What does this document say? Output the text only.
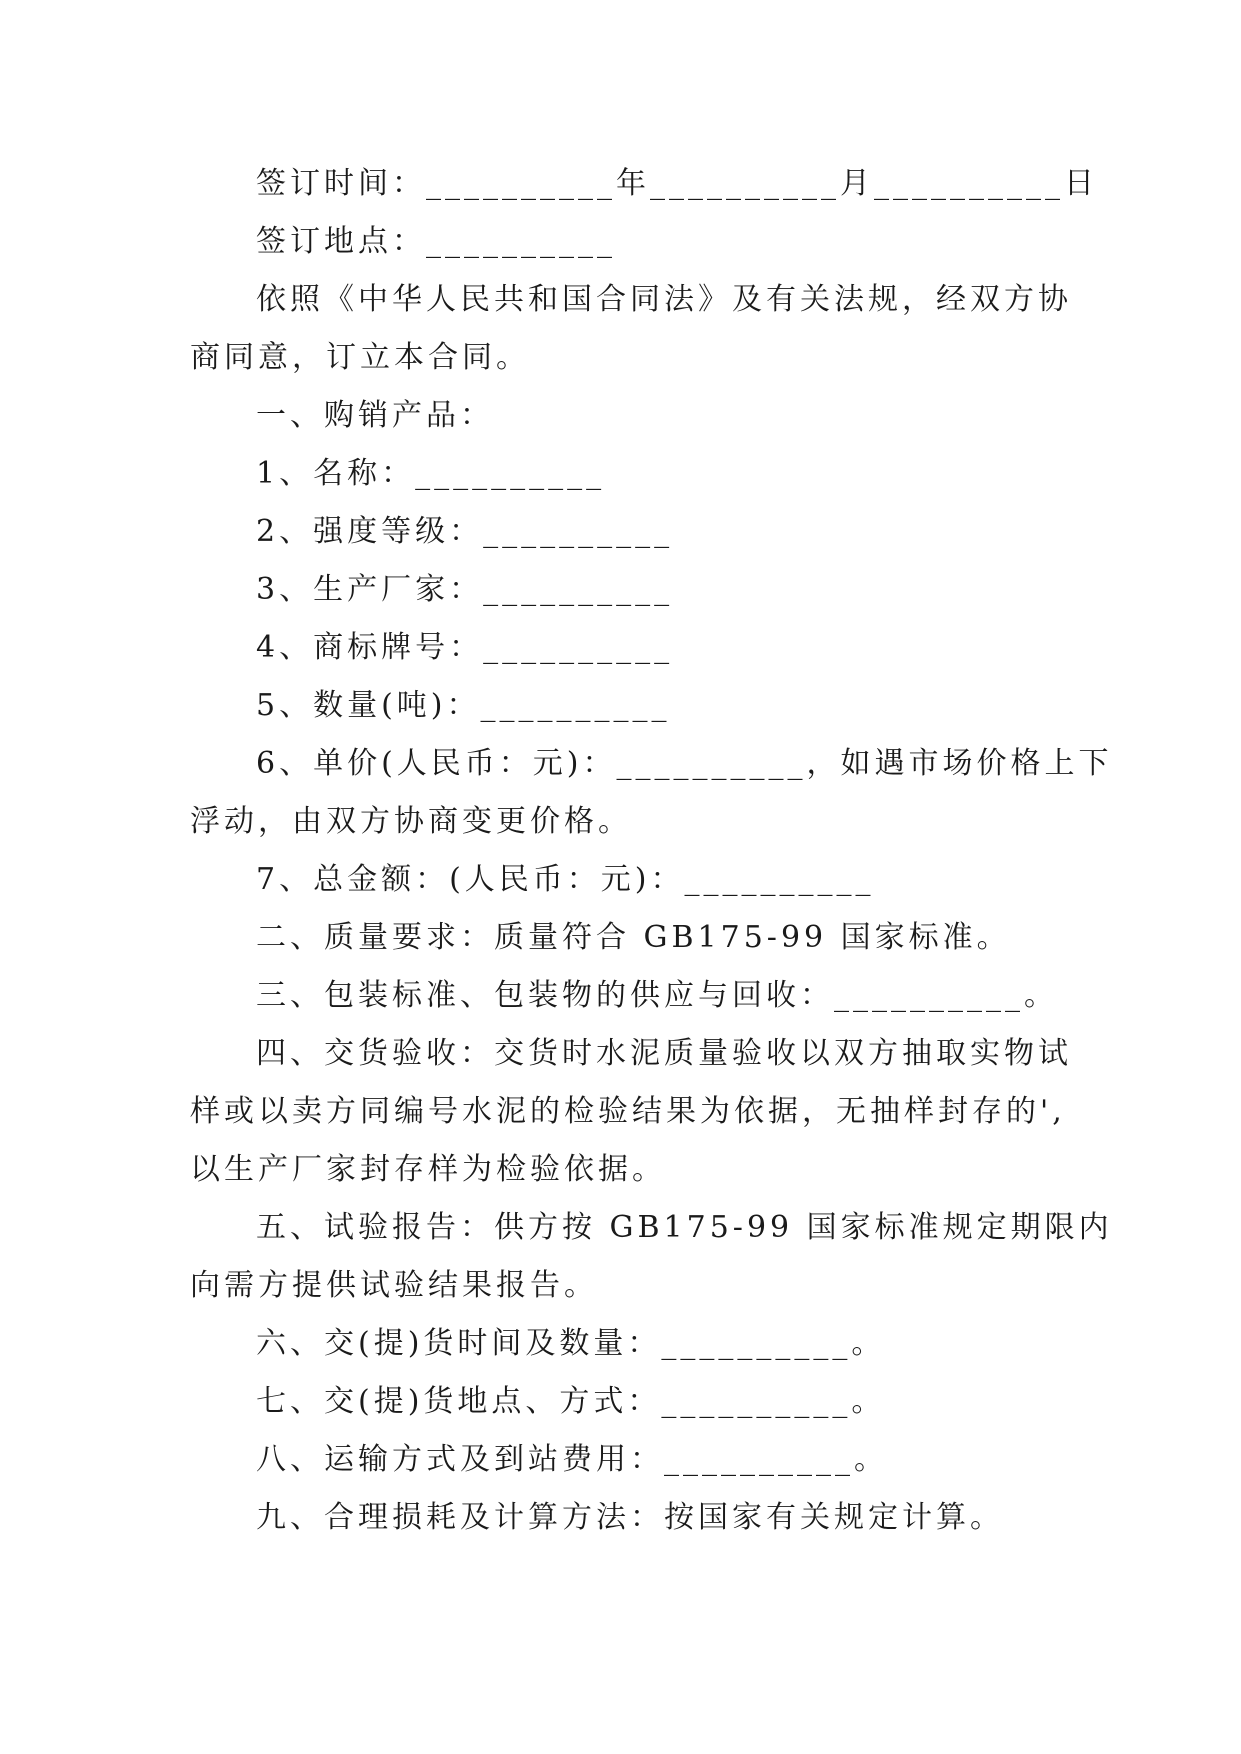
签订时间：__________年__________月__________日

签订地点：__________

依照《中华人民共和国合同法》及有关法规，经双方协
商同意，订立本合同。

一、购销产品：

1、名称：__________

2、强度等级：__________

3、生产厂家：__________

4、商标牌号：__________

5、数量(吨)：__________

6、单价(人民币：元)：__________，如遇市场价格上下
浮动，由双方协商变更价格。

7、总金额：(人民币：元)：__________

二、质量要求：质量符合 GB175-99 国家标准。

三、包装标准、包装物的供应与回收：__________。

四、交货验收：交货时水泥质量验收以双方抽取实物试
样或以卖方同编号水泥的检验结果为依据，无抽样封存的',
以生产厂家封存样为检验依据。

五、试验报告：供方按 GB175-99 国家标准规定期限内
向需方提供试验结果报告。

六、交(提)货时间及数量：__________。

七、交(提)货地点、方式：__________。

八、运输方式及到站费用：__________。

九、合理损耗及计算方法：按国家有关规定计算。
